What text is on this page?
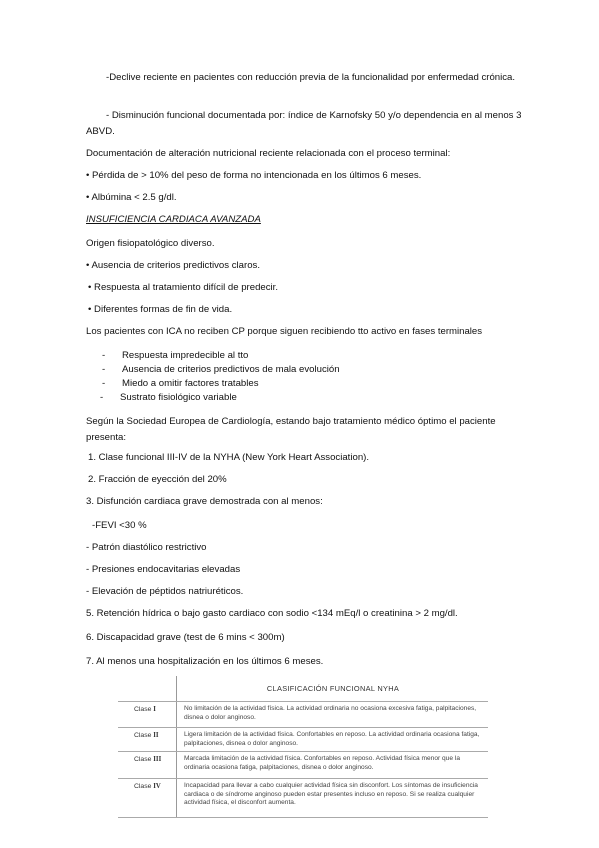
-Declive reciente en pacientes con reducción previa de la funcionalidad por enfermedad crónica.
- Disminución funcional documentada por: índice de Karnofsky 50 y/o dependencia en al menos 3 ABVD.
Documentación de alteración nutricional reciente relacionada con el proceso terminal:
• Pérdida de > 10% del peso de forma no intencionada en los últimos 6 meses.
• Albúmina < 2.5 g/dl.
INSUFICIENCIA CARDIACA AVANZADA
Origen fisiopatológico diverso.
• Ausencia de criterios predictivos claros.
• Respuesta al tratamiento difícil de predecir.
• Diferentes formas de fin de vida.
Los pacientes con ICA no reciben CP porque siguen recibiendo tto activo en fases terminales
- Respuesta impredecible al tto
- Ausencia de criterios predictivos de mala evolución
- Miedo a omitir factores tratables
- Sustrato fisiológico variable
Según la Sociedad Europea de Cardiología, estando bajo tratamiento médico óptimo el paciente presenta:
1. Clase funcional III-IV de la NYHA (New York Heart Association).
2. Fracción de eyección del 20%
3. Disfunción cardiaca grave demostrada con al menos:
-FEVI <30 %
- Patrón diastólico restrictivo
- Presiones endocavitarias elevadas
- Elevación de péptidos natriuréticos.
5. Retención hídrica o bajo gasto cardiaco con sodio <134 mEq/l o creatinina > 2 mg/dl.
6. Discapacidad grave (test de 6 mins < 300m)
7. Al menos una hospitalización en los últimos 6 meses.
CLASIFICACIÓN FUNCIONAL NYHA
Clase I	No limitación de la actividad física. La actividad ordinaria no ocasiona excesiva fatiga, palpitaciones, disnea o dolor anginoso.
Clase II	Ligera limitación de la actividad física. Confortables en reposo. La actividad ordinaria ocasiona fatiga, palpitaciones, disnea o dolor anginoso.
Clase III	Marcada limitación de la actividad física. Confortables en reposo. Actividad física menor que la ordinaria ocasiona fatiga, palpitaciones, disnea o dolor anginoso.
Clase IV	Incapacidad para llevar a cabo cualquier actividad física sin disconfort. Los síntomas de insuficiencia cardiaca o de síndrome anginoso pueden estar presentes incluso en reposo. Si se realiza cualquier actividad física, el disconfort aumenta.
